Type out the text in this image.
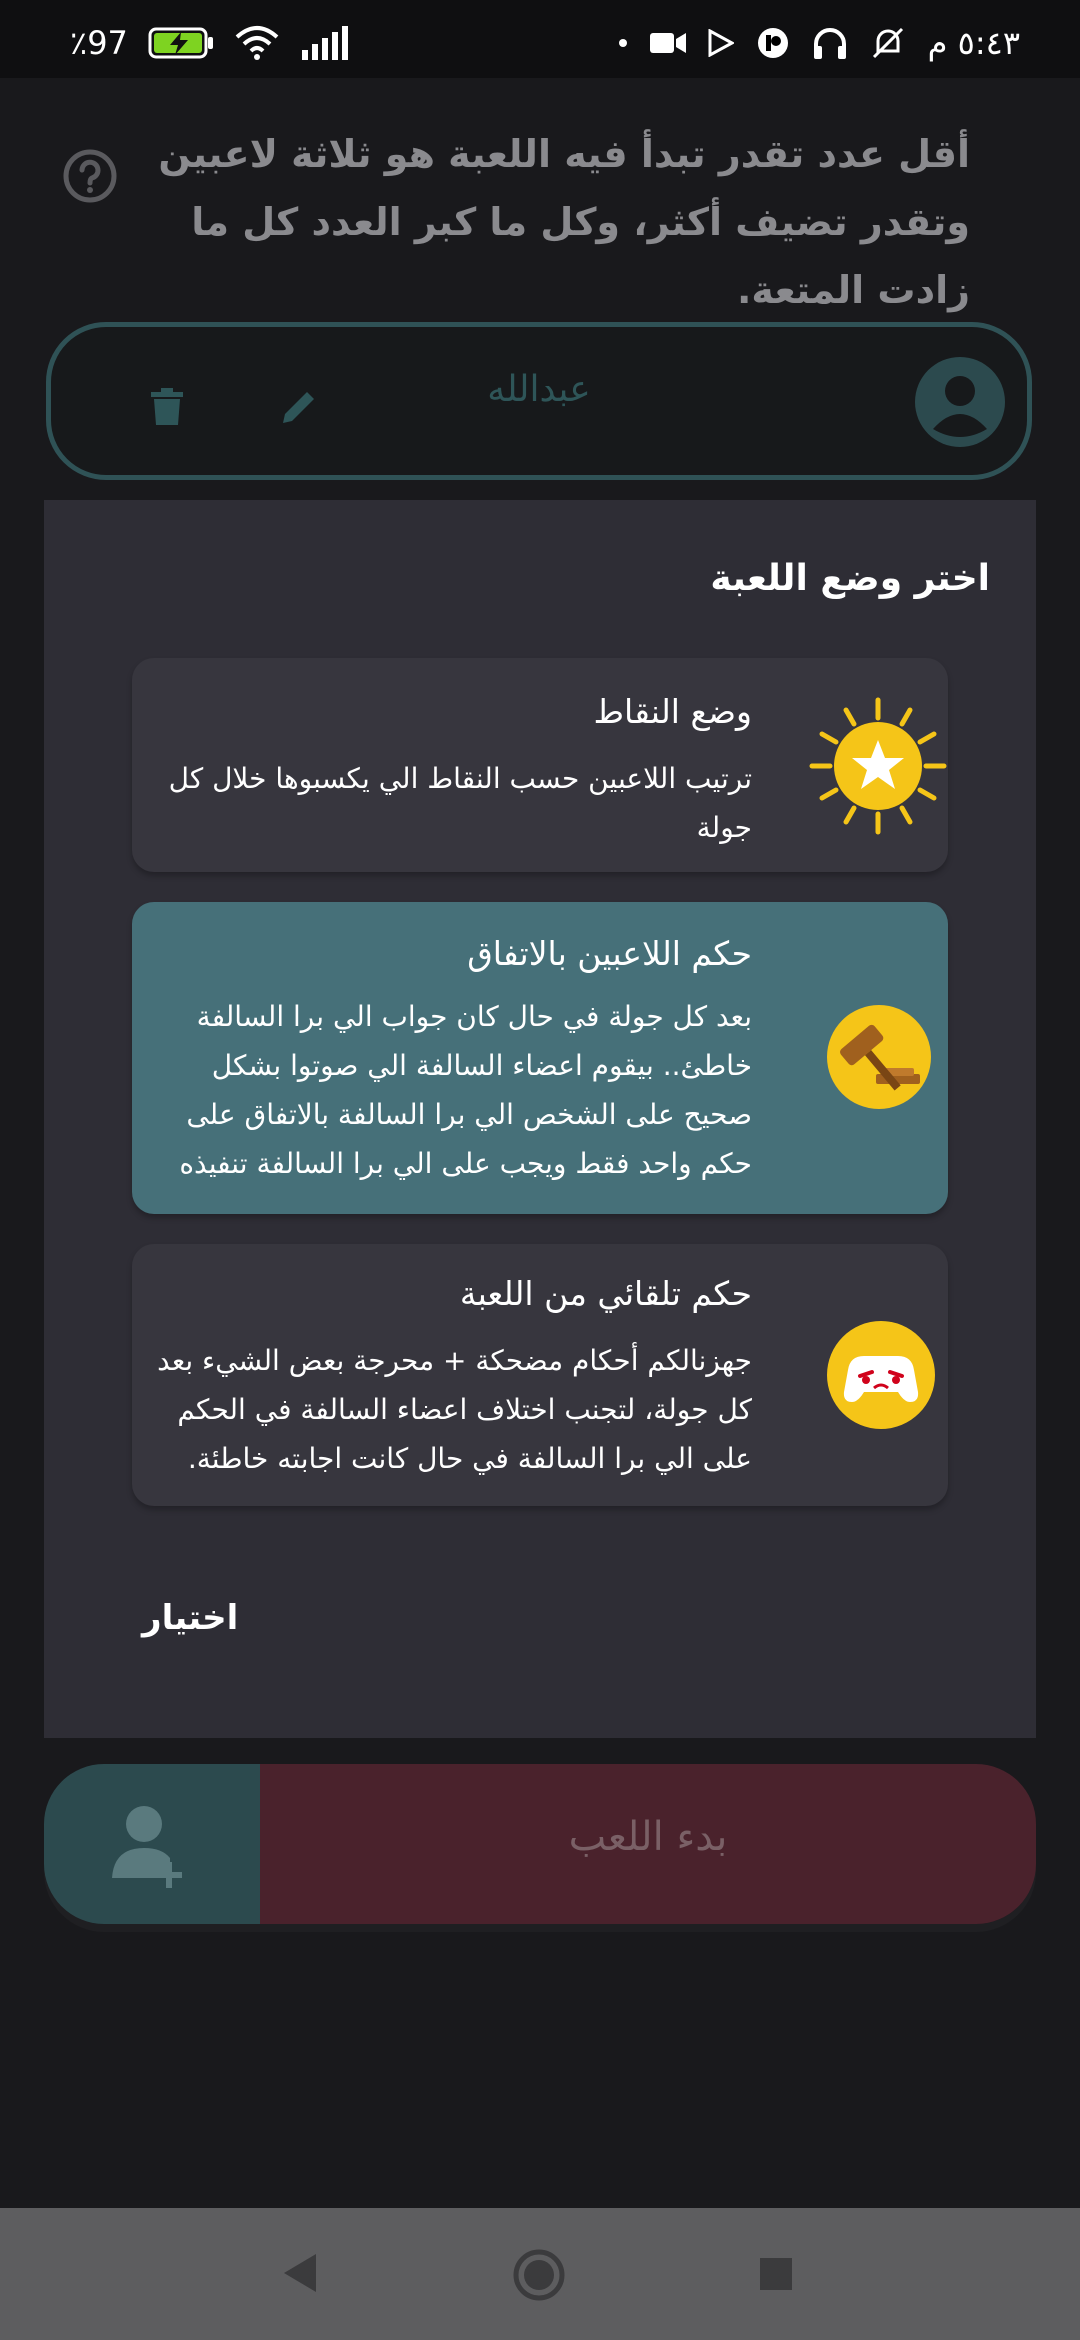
٪97	٥:٤٣ م
أقل عدد تقدر تبدأ فيه اللعبة هو ثلاثة لاعبين وتقدر تضيف أكثر، وكل ما كبر العدد كل ما زادت المتعة.
عبدالله
اختر وضع اللعبة
وضع النقاط
ترتيب اللاعبين حسب النقاط الي يكسبوها خلال كل جولة
حكم اللاعبين بالاتفاق
بعد كل جولة في حال كان جواب الي برا السالفة خاطئ.. بيقوم اعضاء السالفة الي صوتوا بشكل صحيح على الشخص الي برا السالفة بالاتفاق على حكم واحد فقط ويجب على الي برا السالفة تنفيذه
حكم تلقائي من اللعبة
جهزنالكم أحكام مضحكة + محرجة بعض الشيء بعد كل جولة، لتجنب اختلاف اعضاء السالفة في الحكم على الي برا السالفة في حال كانت اجابته خاطئة.
اختيار
بدء اللعب
